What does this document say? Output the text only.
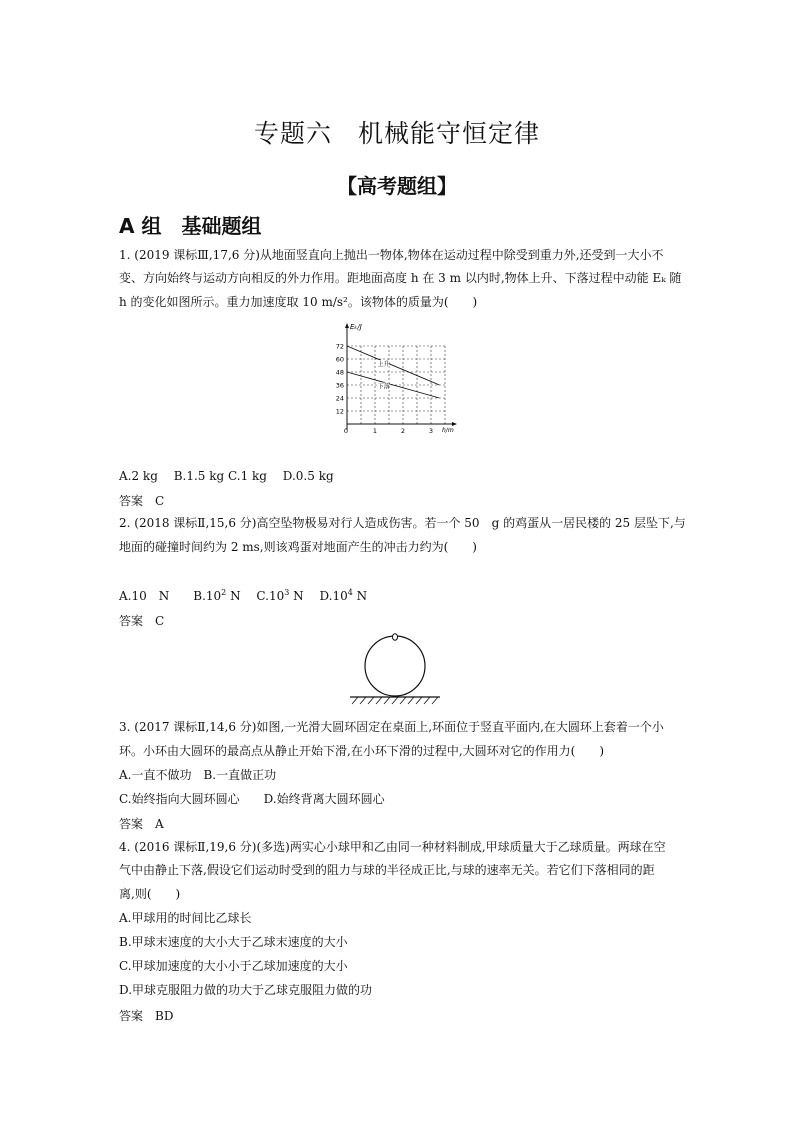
专题六　机械能守恒定律
【高考题组】
A 组　基础题组
1. (2019 课标Ⅲ,17,6 分)从地面竖直向上抛出一物体,物体在运动过程中除受到重力外,还受到一大小不
变、方向始终与运动方向相反的外力作用。距地面高度 h 在 3 m 以内时,物体上升、下落过程中动能 Eₖ 随
h 的变化如图所示。重力加速度取 10 m/s²。该物体的质量为(　　)
Eₖ/J
h/m
12
24
36
48
60
72
0	1	2	3
上升
下落
A.2 kg　 B.1.5 kg C.1 kg　 D.0.5 kg
答案　C
2. (2018 课标Ⅱ,15,6 分)高空坠物极易对行人造成伤害。若一个 50　g 的鸡蛋从一居民楼的 25 层坠下,与
地面的碰撞时间约为 2 ms,则该鸡蛋对地面产生的冲击力约为(　　)
A.10　N　　$B.10^2$ N　 $C.10^3$ N　 $D.10^4$ N
答案　C
3. (2017 课标Ⅱ,14,6 分)如图,一光滑大圆环固定在桌面上,环面位于竖直平面内,在大圆环上套着一个小
环。小环由大圆环的最高点从静止开始下滑,在小环下滑的过程中,大圆环对它的作用力(　　)
A.一直不做功　B.一直做正功
C.始终指向大圆环圆心　　D.始终背离大圆环圆心
答案　A
4. (2016 课标Ⅱ,19,6 分)(多选)两实心小球甲和乙由同一种材料制成,甲球质量大于乙球质量。两球在空
气中由静止下落,假设它们运动时受到的阻力与球的半径成正比,与球的速率无关。若它们下落相同的距
离,则(　　)
A.甲球用的时间比乙球长
B.甲球末速度的大小大于乙球末速度的大小
C.甲球加速度的大小小于乙球加速度的大小
D.甲球克服阻力做的功大于乙球克服阻力做的功
答案　BD
